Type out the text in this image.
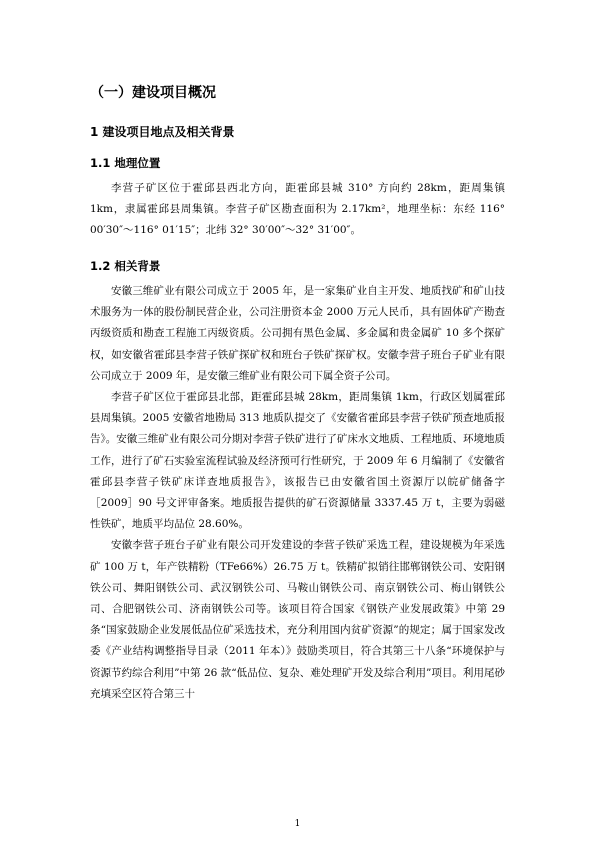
（一）建设项目概况
1 建设项目地点及相关背景
1.1 地理位置

李营子矿区位于霍邱县西北方向，距霍邱县城 310° 方向约 28km，距周集镇 1km，隶属霍邱县周集镇。李营子矿区勘查面积为 2.17km²，地理坐标：东经 116° 00′30″～116° 01′15″；北纬 32° 30′00″～32° 31′00″。

1.2 相关背景

安徽三维矿业有限公司成立于 2005 年，是一家集矿业自主开发、地质找矿和矿山技术服务为一体的股份制民营企业，公司注册资本金 2000 万元人民币，具有固体矿产勘查丙级资质和勘查工程施工丙级资质。公司拥有黑色金属、多金属和贵金属矿 10 多个探矿权，如安徽省霍邱县李营子铁矿探矿权和班台子铁矿探矿权。安徽李营子班台子矿业有限公司成立于 2009 年，是安徽三维矿业有限公司下属全资子公司。

李营子矿区位于霍邱县北部，距霍邱县城 28km，距周集镇 1km，行政区划属霍邱县周集镇。2005 安徽省地勘局 313 地质队提交了《安徽省霍邱县李营子铁矿预查地质报告》。安徽三维矿业有限公司分期对李营子铁矿进行了矿床水文地质、工程地质、环境地质工作，进行了矿石实验室流程试验及经济预可行性研究，于 2009 年 6 月编制了《安徽省霍邱县李营子铁矿床详查地质报告》，该报告已由安徽省国土资源厅以皖矿储备字［2009］90 号文评审备案。地质报告提供的矿石资源储量 3337.45 万 t，主要为弱磁性铁矿，地质平均品位 28.60%。

安徽李营子班台子矿业有限公司开发建设的李营子铁矿采选工程，建设规模为年采选矿 100 万 t，年产铁精粉（TFe66%）26.75 万 t。铁精矿拟销往邯郸钢铁公司、安阳钢铁公司、舞阳钢铁公司、武汉钢铁公司、马鞍山钢铁公司、南京钢铁公司、梅山钢铁公司、合肥钢铁公司、济南钢铁公司等。该项目符合国家《钢铁产业发展政策》中第 29 条“国家鼓励企业发展低品位矿采选技术，充分利用国内贫矿资源”的规定；属于国家发改委《产业结构调整指导目录（2011 年本）》鼓励类项目，符合其第三十八条“环境保护与资源节约综合利用”中第 26 款“低品位、复杂、难处理矿开发及综合利用”项目。利用尾砂充填采空区符合第三十

1
